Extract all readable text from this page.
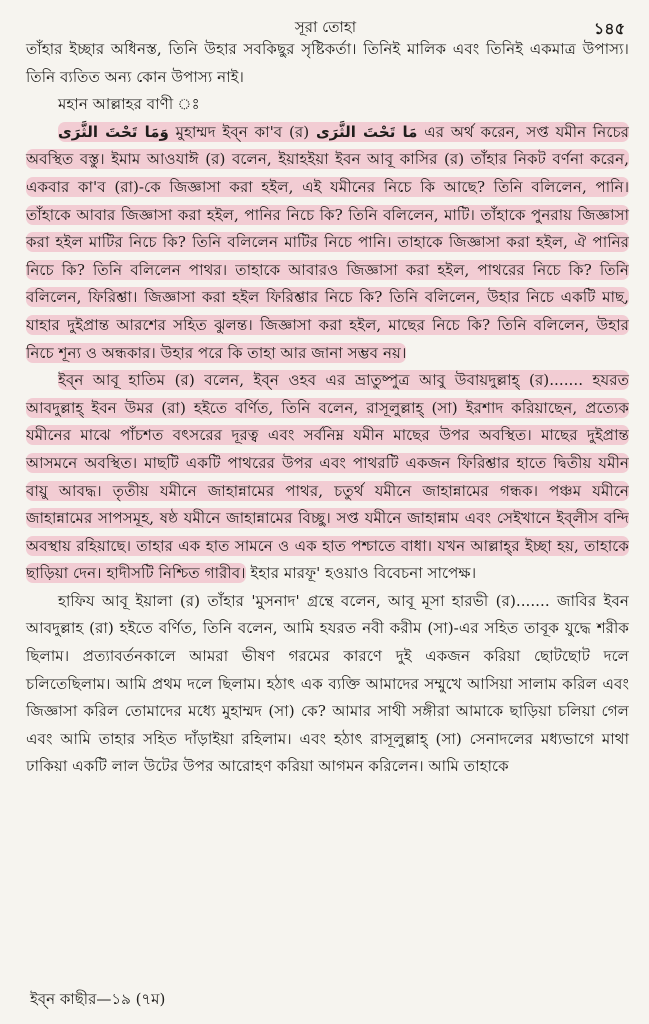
সূরা তোহা	১৪৫

তাঁহার ইচ্ছার অধিনস্ত, তিনি উহার সবকিছুর সৃষ্টিকর্তা। তিনিই মালিক এবং তিনিই একমাত্র উপাস্য। তিনি ব্যতিত অন্য কোন উপাস্য নাই।

মহান আল্লাহর বাণী ঃ

وَمَا تَحْتَ الثَّرَى মুহাম্মদ ইব্‌ন কা'ব (র) مَا تَحْتَ الثَّرَى এর অর্থ করেন, সপ্ত যমীন নিচের অবস্থিত বস্তু। ইমাম আওযাঈ (র) বলেন, ইয়াহইয়া ইবন আবূ কাসির (র) তাঁহার নিকট বর্ণনা করেন, একবার কা'ব (রা)-কে জিজ্ঞাসা করা হইল, এই যমীনের নিচে কি আছে? তিনি বলিলেন, পানি। তাঁহাকে আবার জিজ্ঞাসা করা হইল, পানির নিচে কি? তিনি বলিলেন, মাটি। তাঁহাকে পুনরায় জিজ্ঞাসা করা হইল মাটির নিচে কি? তিনি বলিলেন মাটির নিচে পানি। তাহাকে জিজ্ঞাসা করা হইল, ঐ পানির নিচে কি? তিনি বলিলেন পাথর। তাহাকে আবারও জিজ্ঞাসা করা হইল, পাথরের নিচে কি? তিনি বলিলেন, ফিরিশ্তা। জিজ্ঞাসা করা হইল ফিরিশ্তার নিচে কি? তিনি বলিলেন, উহার নিচে একটি মাছ, যাহার দুইপ্রান্ত আরশের সহিত ঝুলন্ত। জিজ্ঞাসা করা হইল, মাছের নিচে কি? তিনি বলিলেন, উহার নিচে শূন্য ও অন্ধকার। উহার পরে কি তাহা আর জানা সম্ভব নয়।

ইব্‌ন আবূ হাতিম (র) বলেন, ইব্‌ন ওহব এর ভ্রাতুষ্পুত্র আবু উবায়দুল্লাহ্ (র)....... হযরত আবদুল্লাহ্ ইবন উমর (রা) হইতে বর্ণিত, তিনি বলেন, রাসূলুল্লাহ্ (সা) ইরশাদ করিয়াছেন, প্রত্যেক যমীনের মাঝে পাঁচশত বৎসরের দূরত্ব এবং সর্বনিম্ন যমীন মাছের উপর অবস্থিত। মাছের দুইপ্রান্ত আসমনে অবস্থিত। মাছটি একটি পাথরের উপর এবং পাথরটি একজন ফিরিশ্তার হাতে দ্বিতীয় যমীন বায়ু আবদ্ধ। তৃতীয় যমীনে জাহান্নামের পাথর, চতুর্থ যমীনে জাহান্নামের গন্ধক। পঞ্চম যমীনে জাহান্নামের সাপসমূহ, ষষ্ঠ যমীনে জাহান্নামের বিচ্ছু। সপ্ত যমীনে জাহান্নাম এবং সেইখানে ইব্‌লীস বন্দি অবস্থায় রহিয়াছে। তাহার এক হাত সামনে ও এক হাত পশ্চাতে বাধা। যখন আল্লাহ্‌র ইচ্ছা হয়, তাহাকে ছাড়িয়া দেন। হাদীসটি নিশ্চিত গারীব। ইহার মারফূ' হওয়াও বিবেচনা সাপেক্ষ।

হাফিয আবূ ইয়ালা (র) তাঁহার 'মুসনাদ' গ্রন্থে বলেন, আবূ মূসা হারভী (র)....... জাবির ইবন আবদুল্লাহ (রা) হইতে বর্ণিত, তিনি বলেন, আমি হযরত নবী করীম (সা)-এর সহিত তাবূক যুদ্ধে শরীক ছিলাম। প্রত্যাবর্তনকালে আমরা ভীষণ গরমের কারণে দুই একজন করিয়া ছোটছোট দলে চলিতেছিলাম। আমি প্রথম দলে ছিলাম। হঠাৎ এক ব্যক্তি আমাদের সম্মুখে আসিয়া সালাম করিল এবং জিজ্ঞাসা করিল তোমাদের মধ্যে মুহাম্মদ (সা) কে? আমার সাথী সঙ্গীরা আমাকে ছাড়িয়া চলিয়া গেল এবং আমি তাহার সহিত দাঁড়াইয়া রহিলাম। এবং হঠাৎ রাসূলুল্লাহ্ (সা) সেনাদলের মধ্যভাগে মাথা ঢাকিয়া একটি লাল উটের উপর আরোহণ করিয়া আগমন করিলেন। আমি তাহাকে

ইব্‌ন কাছীর—১৯ (৭ম)
